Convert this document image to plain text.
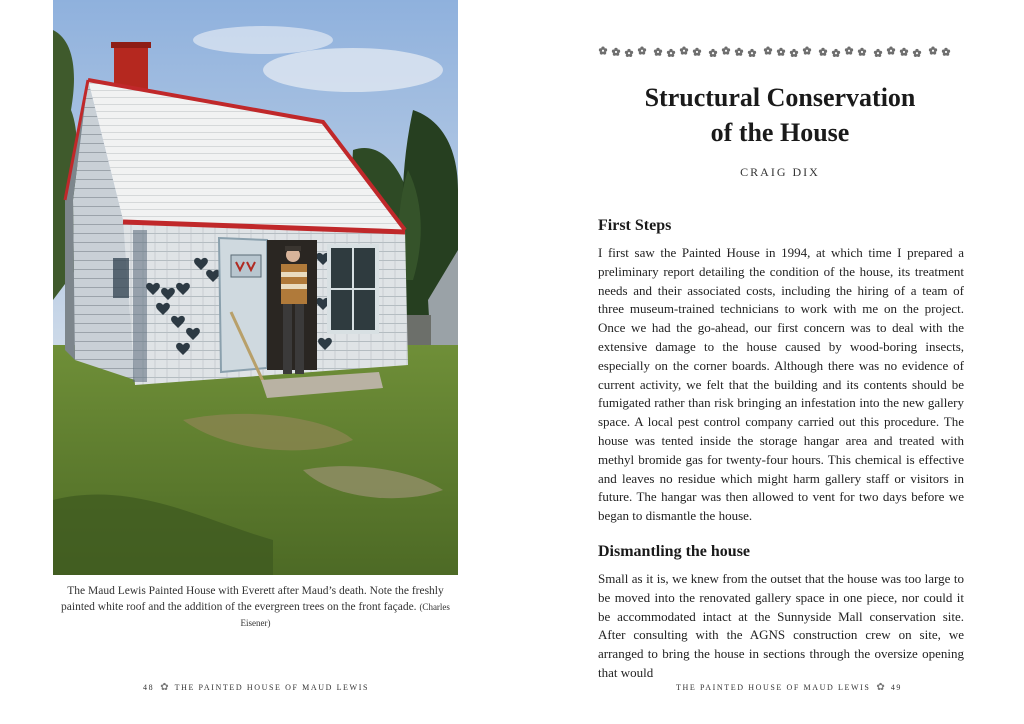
The Maud Lewis Painted House with Everett after Maud’s death. Note the freshly painted white roof and the addition of the evergreen trees on the front façade. (Charles Eisener)
48 ✿ THE PAINTED HOUSE OF MAUD LEWIS
Structural Conservation
of the House
CRAIG DIX
First Steps

I first saw the Painted House in 1994, at which time I prepared a preliminary report detailing the condition of the house, its treatment needs and their associated costs, including the hiring of a team of three museum-trained technicians to work with me on the project. Once we had the go-ahead, our first concern was to deal with the extensive damage to the house caused by wood-boring insects, especially on the corner boards. Although there was no evidence of current activity, we felt that the building and its contents should be fumigated rather than risk bringing an infestation into the new gallery space. A local pest control company carried out this procedure. The house was tented inside the storage hangar area and treated with methyl bromide gas for twenty-four hours. This chemical is effective and leaves no residue which might harm gallery staff or visitors in future. The hangar was then allowed to vent for two days before we began to dismantle the house.

Dismantling the house

Small as it is, we knew from the outset that the house was too large to be moved into the renovated gallery space in one piece, nor could it be accommodated intact at the Sunnyside Mall conservation site. After consulting with the AGNS construction crew on site, we arranged to bring the house in sections through the oversize opening that would

THE PAINTED HOUSE OF MAUD LEWIS ✿ 49
